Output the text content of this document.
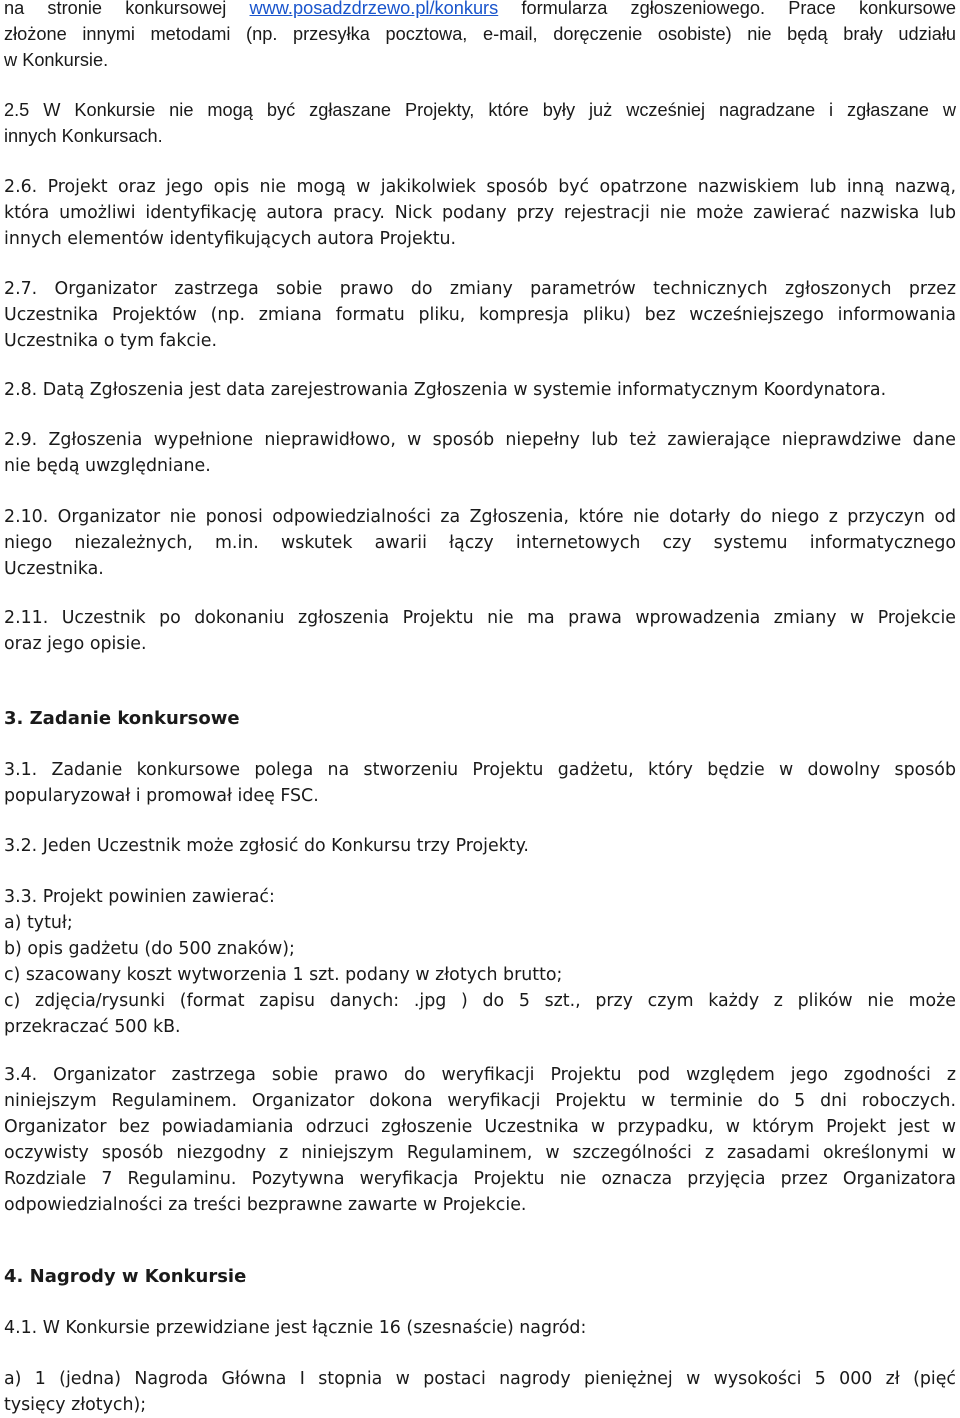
na stronie konkursowej www.posadzdrzewo.pl/konkurs formularza zgłoszeniowego. Prace konkursowe
złożone innymi metodami (np. przesyłka pocztowa, e-mail, doręczenie osobiste) nie będą brały udziału
w Konkursie.
2.5 W Konkursie nie mogą być zgłaszane Projekty, które były już wcześniej nagradzane i zgłaszane w
innych Konkursach.
2.6. Projekt oraz jego opis nie mogą w jakikolwiek sposób być opatrzone nazwiskiem lub inną nazwą,
która umożliwi identyfikację autora pracy. Nick podany przy rejestracji nie może zawierać nazwiska lub
innych elementów identyfikujących autora Projektu.
2.7. Organizator zastrzega sobie prawo do zmiany parametrów technicznych zgłoszonych przez
Uczestnika Projektów (np. zmiana formatu pliku, kompresja pliku) bez wcześniejszego informowania
Uczestnika o tym fakcie.
2.8. Datą Zgłoszenia jest data zarejestrowania Zgłoszenia w systemie informatycznym Koordynatora.
2.9. Zgłoszenia wypełnione nieprawidłowo, w sposób niepełny lub też zawierające nieprawdziwe dane
nie będą uwzględniane.
2.10. Organizator nie ponosi odpowiedzialności za Zgłoszenia, które nie dotarły do niego z przyczyn od
niego niezależnych, m.in. wskutek awarii łączy internetowych czy systemu informatycznego
Uczestnika.
2.11. Uczestnik po dokonaniu zgłoszenia Projektu nie ma prawa wprowadzenia zmiany w Projekcie
oraz jego opisie.
3. Zadanie konkursowe
3.1. Zadanie konkursowe polega na stworzeniu Projektu gadżetu, który będzie w dowolny sposób
popularyzował i promował ideę FSC.
3.2. Jeden Uczestnik może zgłosić do Konkursu trzy Projekty.
3.3. Projekt powinien zawierać:
a) tytuł;
b) opis gadżetu (do 500 znaków);
c) szacowany koszt wytworzenia 1 szt. podany w złotych brutto;
c) zdjęcia/rysunki (format zapisu danych: .jpg ) do 5 szt., przy czym każdy z plików nie może
przekraczać 500 kB.
3.4. Organizator zastrzega sobie prawo do weryfikacji Projektu pod względem jego zgodności z
niniejszym Regulaminem. Organizator dokona weryfikacji Projektu w terminie do 5 dni roboczych.
Organizator bez powiadamiania odrzuci zgłoszenie Uczestnika w przypadku, w którym Projekt jest w
oczywisty sposób niezgodny z niniejszym Regulaminem, w szczególności z zasadami określonymi w
Rozdziale 7 Regulaminu. Pozytywna weryfikacja Projektu nie oznacza przyjęcia przez Organizatora
odpowiedzialności za treści bezprawne zawarte w Projekcie.
4. Nagrody w Konkursie
4.1. W Konkursie przewidziane jest łącznie 16 (szesnaście) nagród:
a) 1 (jedna) Nagroda Główna I stopnia w postaci nagrody pieniężnej w wysokości 5 000 zł (pięć
tysięcy złotych);
